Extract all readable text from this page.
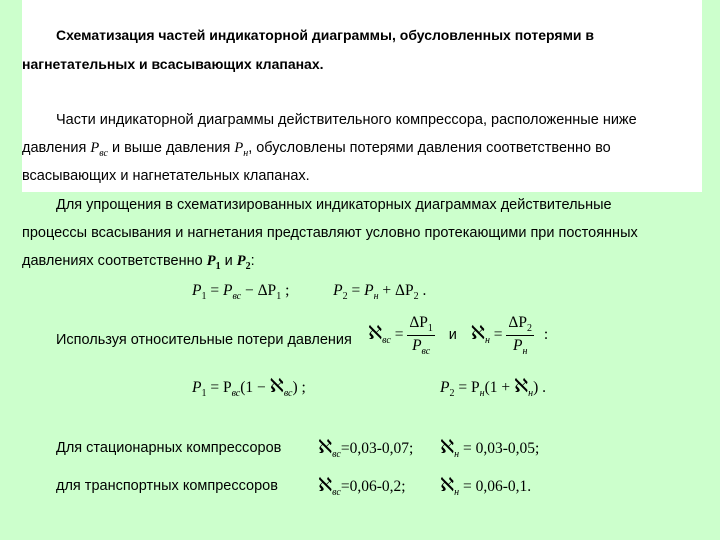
Схематизация частей индикаторной диаграммы, обусловленных потерями в
нагнетательных и всасывающих клапанах.
Части индикаторной диаграммы действительного компрессора, расположенные ниже
давления $P_{вс}$ и выше давления $P_н$, обусловлены потерями давления соответственно во
всасывающих и нагнетательных клапанах.
Для упрощения в схематизированных индикаторных диаграммах действительные
процессы всасывания и нагнетания представляют условно протекающими при постоянных
давлениях соответственно $P_1$ и $P_2$:
$P_1 = P_{вс} - \Delta P_1$ ;	$P_2 = P_н + \Delta P_2$ .
Используя относительные потери давления ℵ$_{вс}$ = $\frac{\Delta P_1}{P_{вс}}$ и ℵ$_н$ = $\frac{\Delta P_2}{P_н}$ :
$P_1 = P_{вс}(1$ − ℵ$_{вс}$) ;	$P_2 = P_н(1$ + ℵ$_н$) .
Для стационарных компрессоров ℵ$_{вс}$=0,03-0,07; ℵ$_н$ = 0,03-0,05;
для транспортных компрессоров ℵ$_{вс}$=0,06-0,2; ℵ$_н$ = 0,06-0,1.
